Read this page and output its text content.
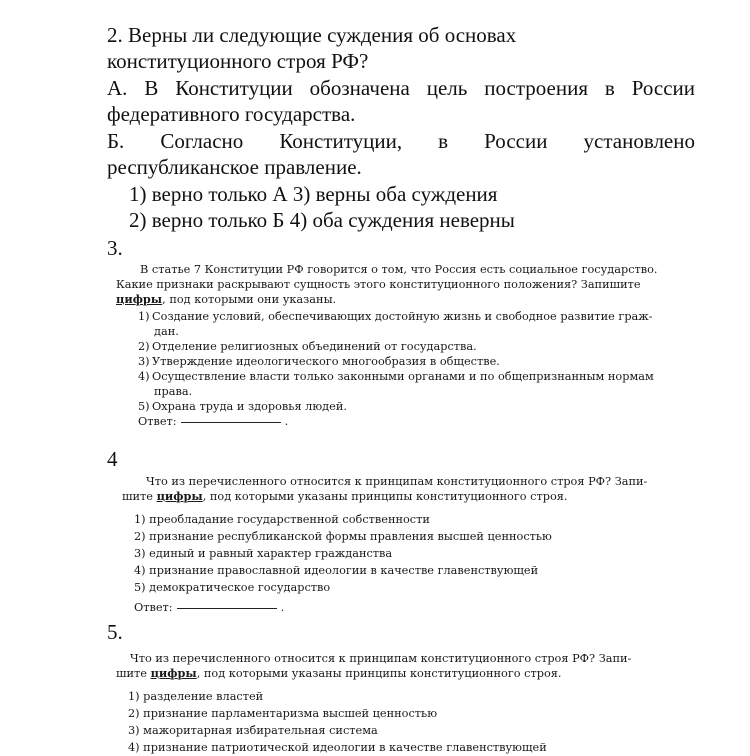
2. Верны ли следующие суждения об основах
конституционного строя РФ?
А. В Конституции обозначена цель построения в России
федеративного государства.
Б. Согласно Конституции, в России установлено
республиканское правление.
1) верно только А 3) верны оба суждения
2) верно только Б 4) оба суждения неверны
3.
В статье 7 Конституции РФ говорится о том, что Россия есть социальное государство.
Какие признаки раскрывают сущность этого конституционного положения? Запишите
цифры, под которыми они указаны.
1) Создание условий, обеспечивающих достойную жизнь и свободное развитие граж-
дан.
2) Отделение религиозных объединений от государства.
3) Утверждение идеологического многообразия в обществе.
4) Осуществление власти только законными органами и по общепризнанным нормам
права.
5) Охрана труда и здоровья людей.
Ответ:	.
4
Что из перечисленного относится к принципам конституционного строя РФ? Запи-
шите цифры, под которыми указаны принципы конституционного строя.
1) преобладание государственной собственности
2) признание республиканской формы правления высшей ценностью
3) единый и равный характер гражданства
4) признание православной идеологии в качестве главенствующей
5) демократическое государство
Ответ:	.
5.
Что из перечисленного относится к принципам конституционного строя РФ? Запи-
шите цифры, под которыми указаны принципы конституционного строя.
1) разделение властей
2) признание парламентаризма высшей ценностью
3) мажоритарная избирательная система
4) признание патриотической идеологии в качестве главенствующей
